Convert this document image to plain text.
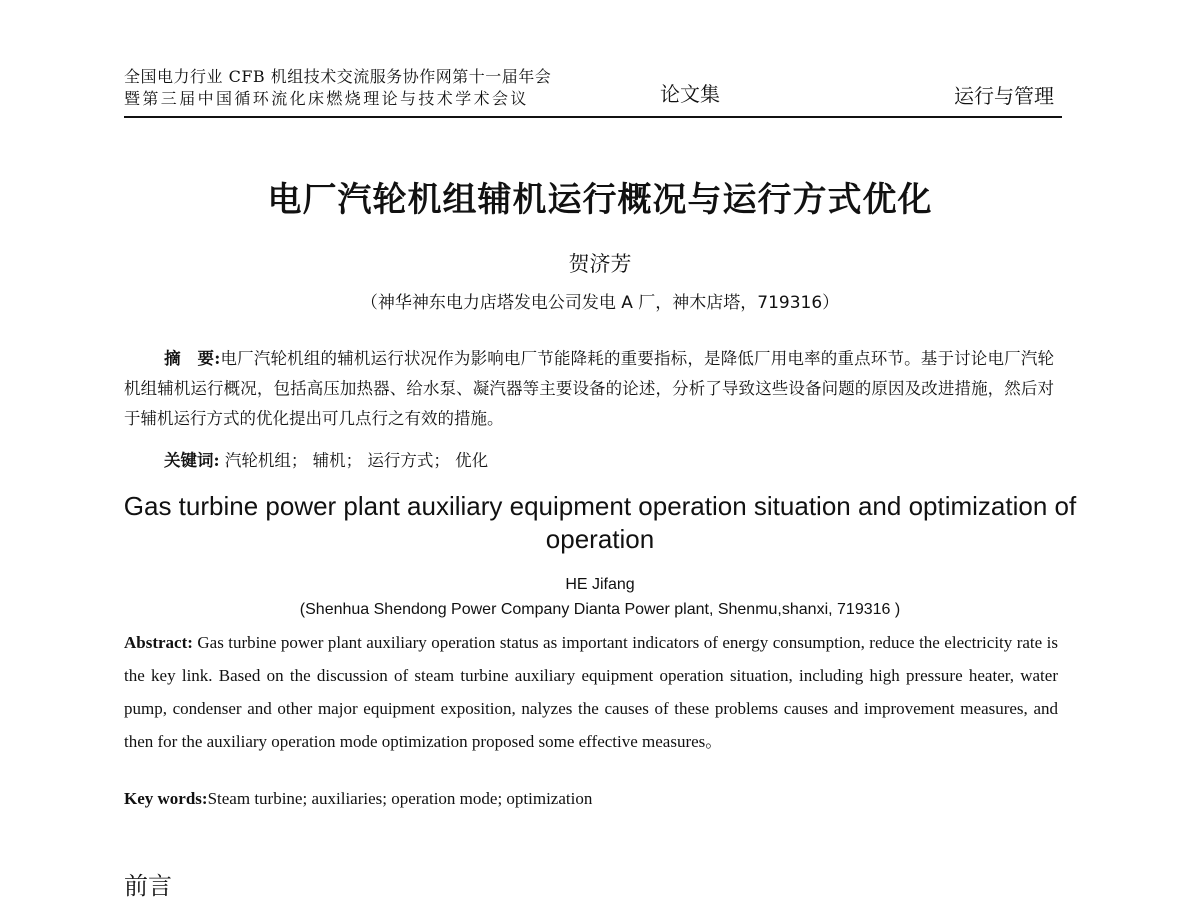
全国电力行业 CFB 机组技术交流服务协作网第十一届年会
暨第三届中国循环流化床燃烧理论与技术学术会议	论文集	运行与管理
电厂汽轮机组辅机运行概况与运行方式优化
贺济芳
（神华神东电力店塔发电公司发电 A 厂，神木店塔，719316）
摘　要:电厂汽轮机组的辅机运行状况作为影响电厂节能降耗的重要指标，是降低厂用电率的重点环节。基于讨论电厂汽轮机组辅机运行概况，包括高压加热器、给水泵、凝汽器等主要设备的论述，分析了导致这些设备问题的原因及改进措施，然后对于辅机运行方式的优化提出可几点行之有效的措施。
关键词: 汽轮机组； 辅机； 运行方式； 优化
Gas turbine power plant auxiliary equipment operation situation and optimization of operation
HE Jifang
(Shenhua Shendong Power Company Dianta Power plant, Shenmu,shanxi, 719316 )
Abstract: Gas turbine power plant auxiliary operation status as important indicators of energy consumption, reduce the electricity rate is the key link. Based on the discussion of steam turbine auxiliary equipment operation situation, including high pressure heater, water pump, condenser and other major equipment exposition, nalyzes the causes of these problems causes and improvement measures, and then for the auxiliary operation mode optimization proposed some effective measures。
Key words:Steam turbine; auxiliaries; operation mode; optimization
前言
